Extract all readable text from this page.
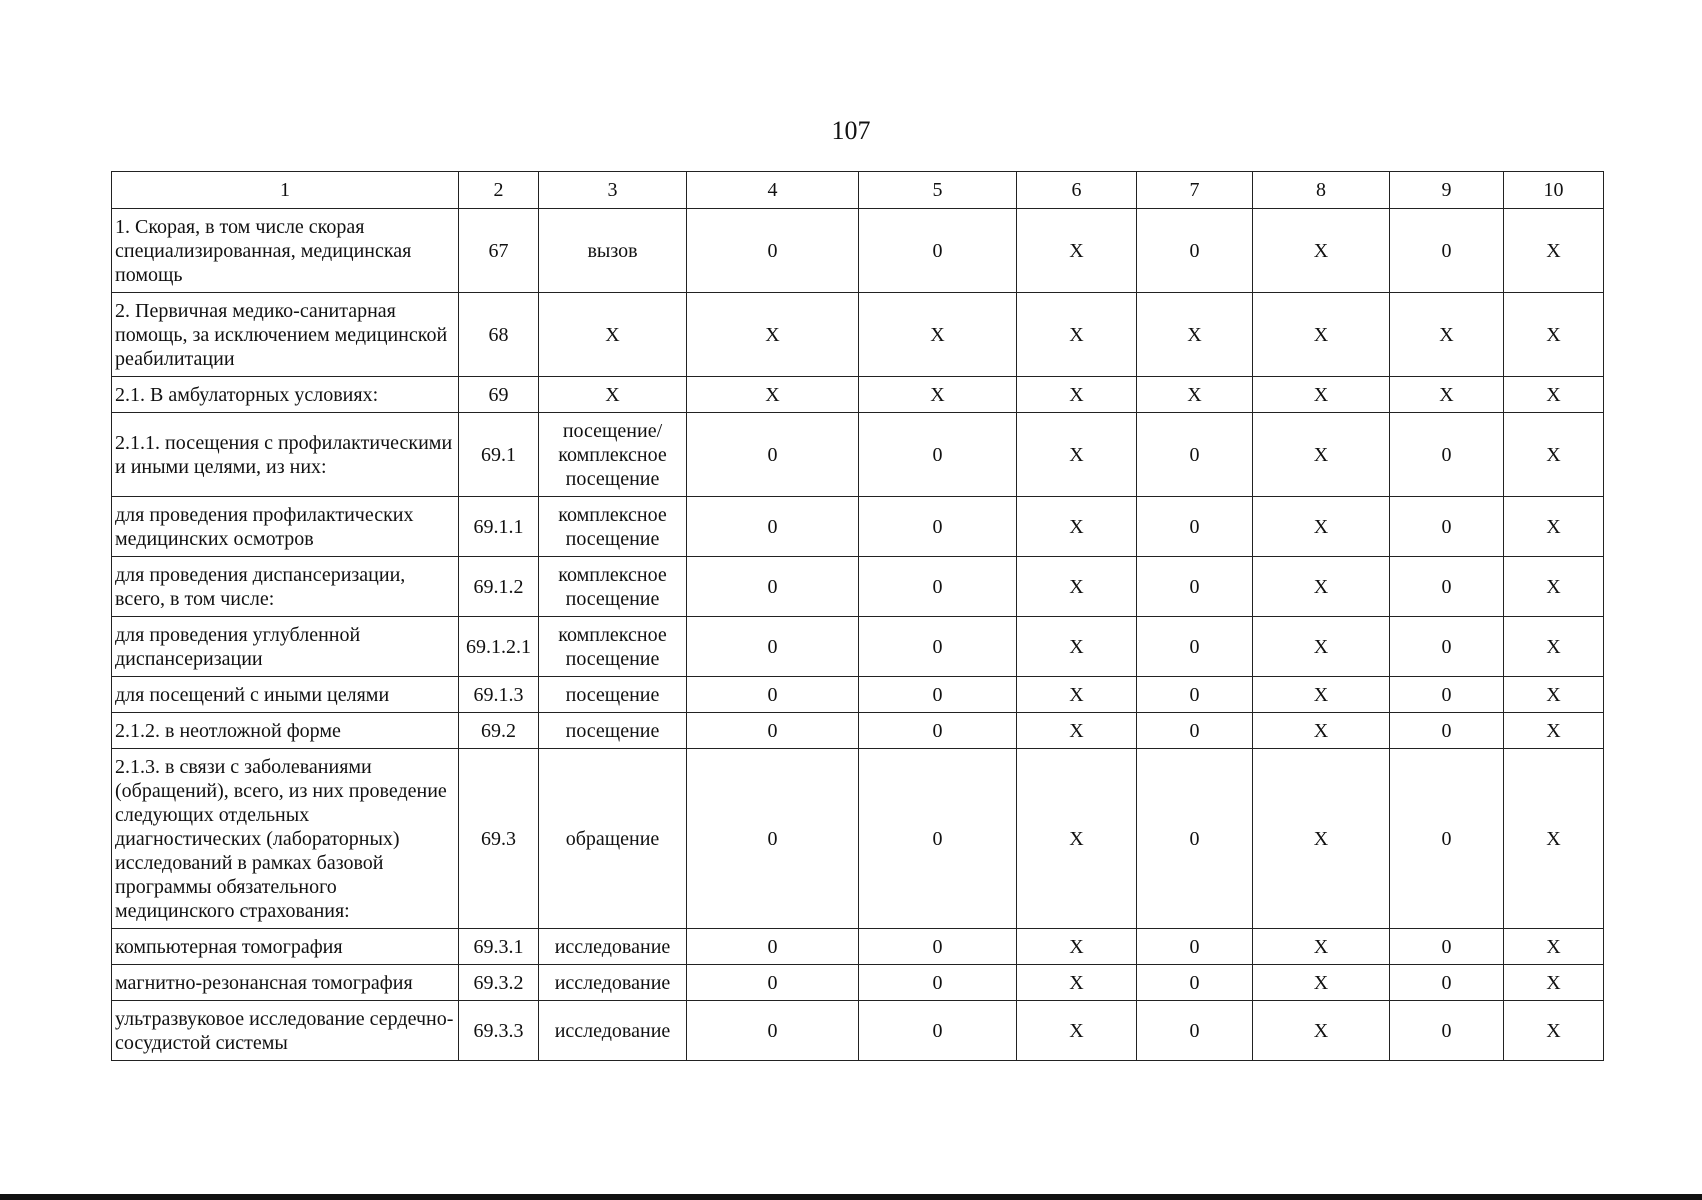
107
1	2	3	4	5	6	7	8	9	10
1. Скорая, в том числе скорая специализированная, медицинская помощь	67	вызов	0	0	X	0	X	0	X
2. Первичная медико-санитарная помощь, за исключением медицинской реабилитации	68	X	X	X	X	X	X	X	X
2.1. В амбулаторных условиях:	69	X	X	X	X	X	X	X	X
2.1.1. посещения с профилактическими и иными целями, из них:	69.1	посещение/ комплексное посещение	0	0	X	0	X	0	X
для проведения профилактических медицинских осмотров	69.1.1	комплексное посещение	0	0	X	0	X	0	X
для проведения диспансеризации, всего, в том числе:	69.1.2	комплексное посещение	0	0	X	0	X	0	X
для проведения углубленной диспансеризации	69.1.2.1	комплексное посещение	0	0	X	0	X	0	X
для посещений с иными целями	69.1.3	посещение	0	0	X	0	X	0	X
2.1.2. в неотложной форме	69.2	посещение	0	0	X	0	X	0	X
2.1.3. в связи с заболеваниями (обращений), всего, из них проведение следующих отдельных диагностических (лабораторных) исследований в рамках базовой программы обязательного медицинского страхования:	69.3	обращение	0	0	X	0	X	0	X
компьютерная томография	69.3.1	исследование	0	0	X	0	X	0	X
магнитно-резонансная томография	69.3.2	исследование	0	0	X	0	X	0	X
ультразвуковое исследование сердечно-сосудистой системы	69.3.3	исследование	0	0	X	0	X	0	X
